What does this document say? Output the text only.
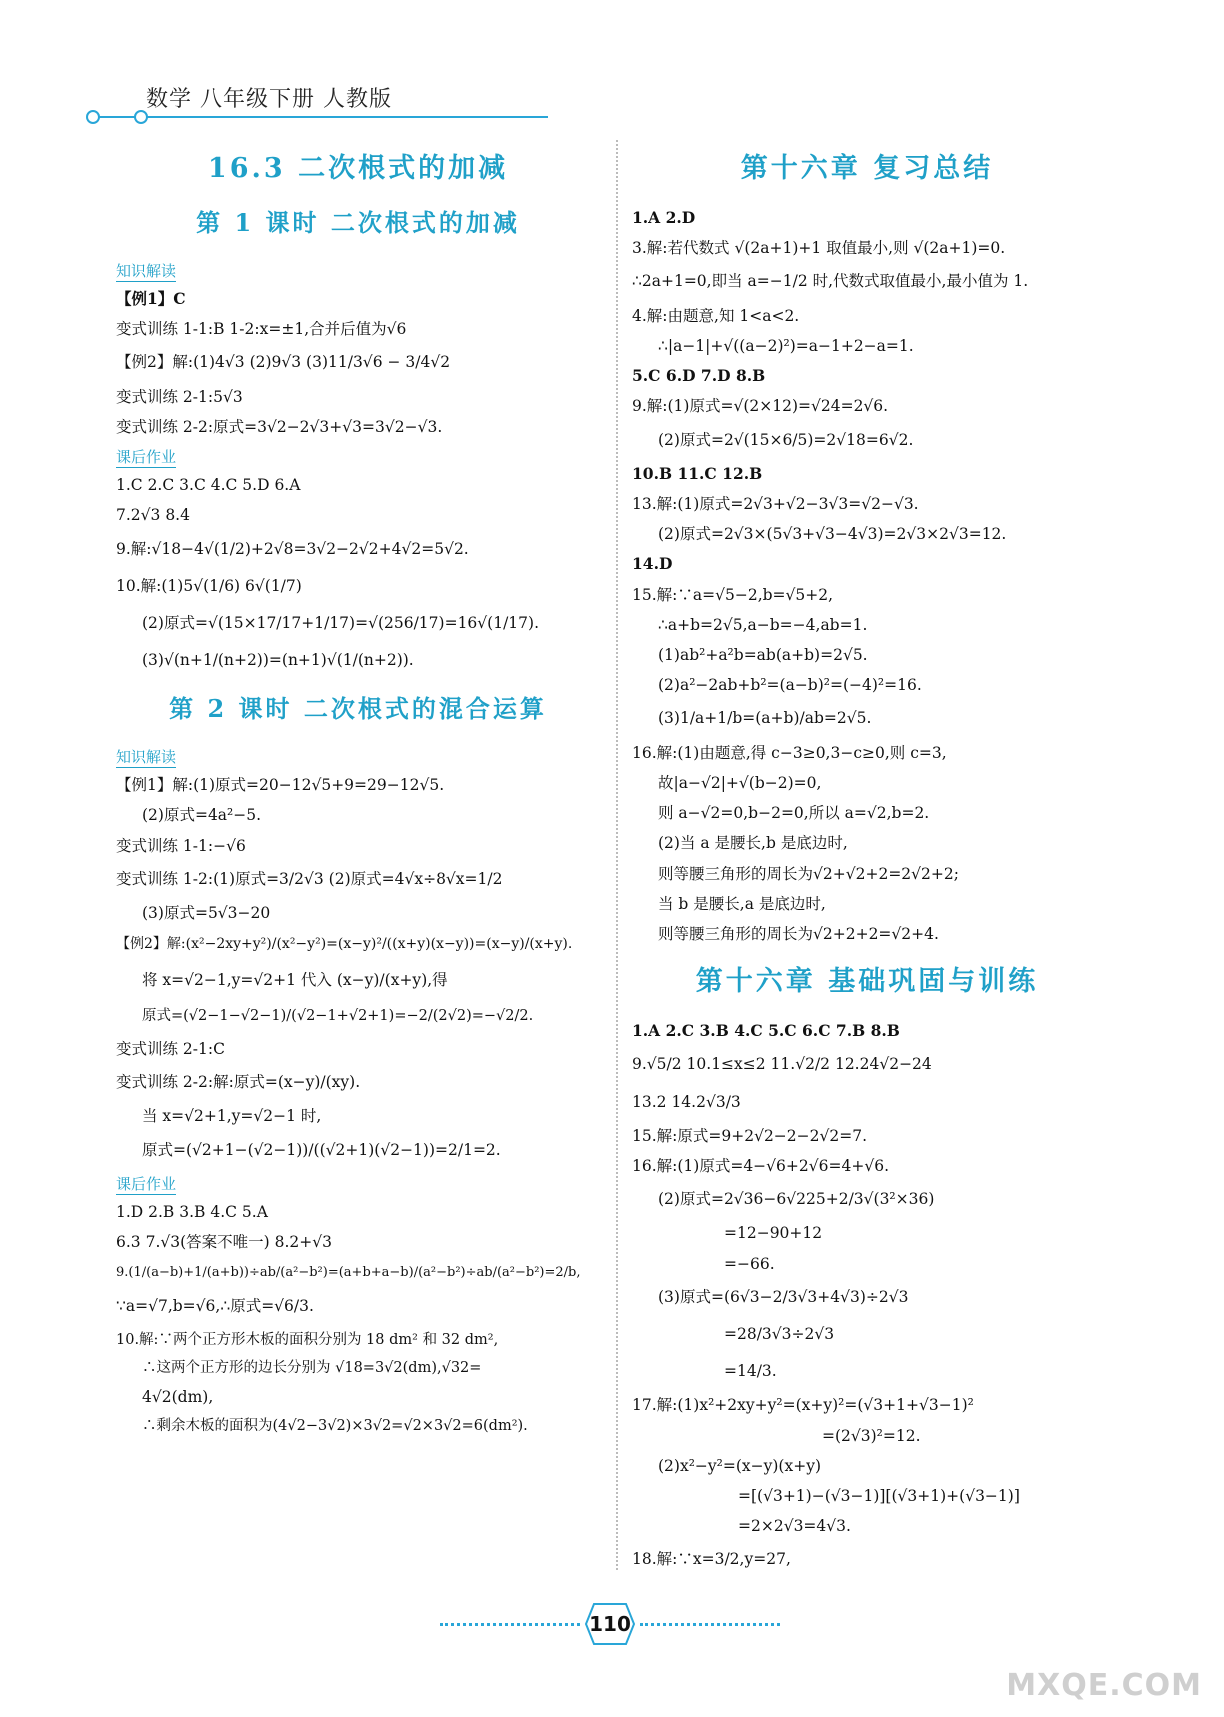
数学 八年级下册 人教版
16.3 二次根式的加减
第 1 课时 二次根式的加减
知识解读
【例1】C
变式训练 1-1:B 1-2:x=±1,合并后值为√6
【例2】解:(1)4√3 (2)9√3 (3)11/3√6 − 3/4√2
变式训练 2-1:5√3
变式训练 2-2:原式=3√2−2√3+√3=3√2−√3.
课后作业
1.C 2.C 3.C 4.C 5.D 6.A
7.2√3 8.4
9.解:√18−4√(1/2)+2√8=3√2−2√2+4√2=5√2.
10.解:(1)5√(1/6) 6√(1/7)
(2)原式=√(15×17/17+1/17)=√(256/17)=16√(1/17).
(3)√(n+1/(n+2))=(n+1)√(1/(n+2)).
第 2 课时 二次根式的混合运算
知识解读
【例1】解:(1)原式=20−12√5+9=29−12√5.
(2)原式=4a²−5.
变式训练 1-1:−√6
变式训练 1-2:(1)原式=3/2√3 (2)原式=4√x÷8√x=1/2
(3)原式=5√3−20
【例2】解:(x²−2xy+y²)/(x²−y²)=(x−y)²/((x+y)(x−y))=(x−y)/(x+y).
将 x=√2−1,y=√2+1 代入 (x−y)/(x+y),得
原式=(√2−1−√2−1)/(√2−1+√2+1)=−2/(2√2)=−√2/2.
变式训练 2-1:C
变式训练 2-2:解:原式=(x−y)/(xy).
当 x=√2+1,y=√2−1 时,
原式=(√2+1−(√2−1))/((√2+1)(√2−1))=2/1=2.
课后作业
1.D 2.B 3.B 4.C 5.A
6.3 7.√3(答案不唯一) 8.2+√3
9.(1/(a−b)+1/(a+b))÷ab/(a²−b²)=(a+b+a−b)/(a²−b²)÷ab/(a²−b²)=2/b,
∵a=√7,b=√6,∴原式=√6/3.
10.解:∵两个正方形木板的面积分别为 18 dm² 和 32 dm²,
∴这两个正方形的边长分别为 √18=3√2(dm),√32=
4√2(dm),
∴剩余木板的面积为(4√2−3√2)×3√2=√2×3√2=6(dm²).
第十六章 复习总结
1.A 2.D
3.解:若代数式 √(2a+1)+1 取值最小,则 √(2a+1)=0.
∴2a+1=0,即当 a=−1/2 时,代数式取值最小,最小值为 1.
4.解:由题意,知 1<a<2.
∴|a−1|+√((a−2)²)=a−1+2−a=1.
5.C 6.D 7.D 8.B
9.解:(1)原式=√(2×12)=√24=2√6.
(2)原式=2√(15×6/5)=2√18=6√2.
10.B 11.C 12.B
13.解:(1)原式=2√3+√2−3√3=√2−√3.
(2)原式=2√3×(5√3+√3−4√3)=2√3×2√3=12.
14.D
15.解:∵a=√5−2,b=√5+2,
∴a+b=2√5,a−b=−4,ab=1.
(1)ab²+a²b=ab(a+b)=2√5.
(2)a²−2ab+b²=(a−b)²=(−4)²=16.
(3)1/a+1/b=(a+b)/ab=2√5.
16.解:(1)由题意,得 c−3≥0,3−c≥0,则 c=3,
故|a−√2|+√(b−2)=0,
则 a−√2=0,b−2=0,所以 a=√2,b=2.
(2)当 a 是腰长,b 是底边时,
则等腰三角形的周长为√2+√2+2=2√2+2;
当 b 是腰长,a 是底边时,
则等腰三角形的周长为√2+2+2=√2+4.
第十六章 基础巩固与训练
1.A 2.C 3.B 4.C 5.C 6.C 7.B 8.B
9.√5/2 10.1≤x≤2 11.√2/2 12.24√2−24
13.2 14.2√3/3
15.解:原式=9+2√2−2−2√2=7.
16.解:(1)原式=4−√6+2√6=4+√6.
(2)原式=2√36−6√225+2/3√(3²×36)
=12−90+12
=−66.
(3)原式=(6√3−2/3√3+4√3)÷2√3
=28/3√3÷2√3
=14/3.
17.解:(1)x²+2xy+y²=(x+y)²=(√3+1+√3−1)²
=(2√3)²=12.
(2)x²−y²=(x−y)(x+y)
=[(√3+1)−(√3−1)][(√3+1)+(√3−1)]
=2×2√3=4√3.
18.解:∵x=3/2,y=27,
110
MXQE.COM
